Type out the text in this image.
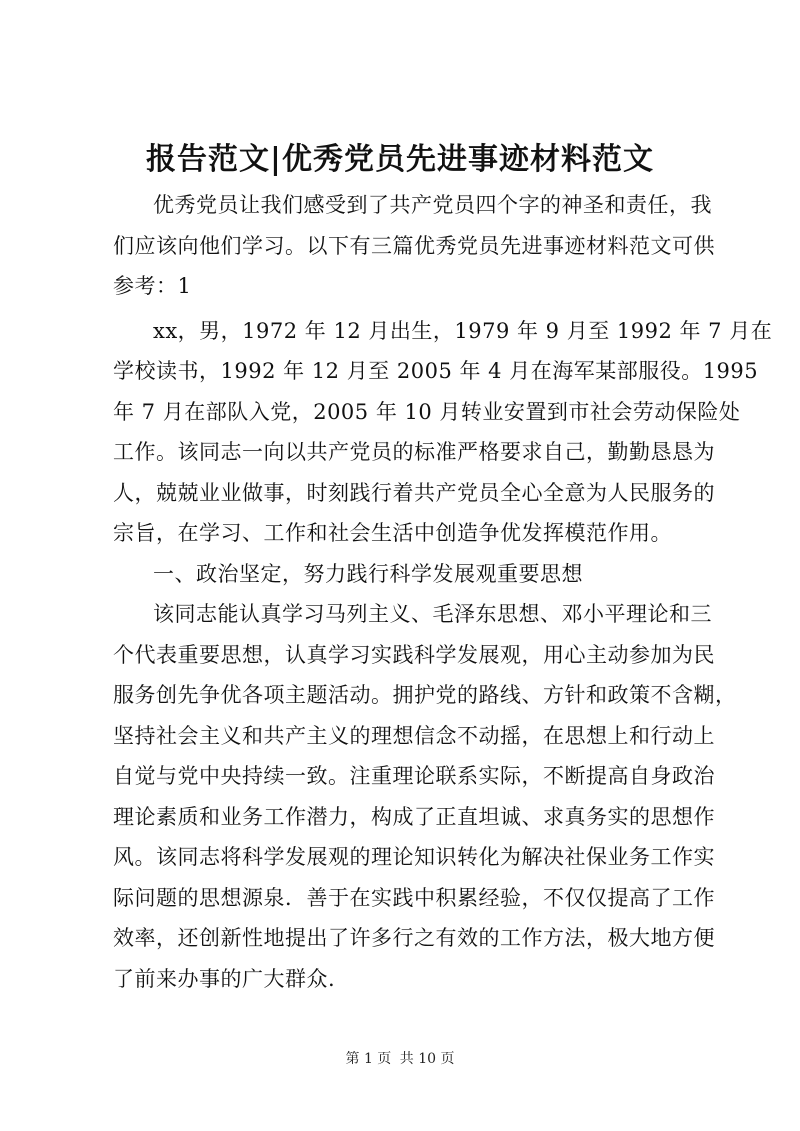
报告范文|优秀党员先进事迹材料范文
优秀党员让我们感受到了共产党员四个字的神圣和责任，我
们应该向他们学习。以下有三篇优秀党员先进事迹材料范文可供
参考：1
xx，男，1972 年 12 月出生，1979 年 9 月至 1992 年 7 月在
学校读书，1992 年 12 月至 2005 年 4 月在海军某部服役。1995
年 7 月在部队入党，2005 年 10 月转业安置到市社会劳动保险处
工作。该同志一向以共产党员的标准严格要求自己，勤勤恳恳为
人，兢兢业业做事，时刻践行着共产党员全心全意为人民服务的
宗旨，在学习、工作和社会生活中创造争优发挥模范作用。
一、政治坚定，努力践行科学发展观重要思想
该同志能认真学习马列主义、毛泽东思想、邓小平理论和三
个代表重要思想，认真学习实践科学发展观，用心主动参加为民
服务创先争优各项主题活动。拥护党的路线、方针和政策不含糊，
坚持社会主义和共产主义的理想信念不动摇，在思想上和行动上
自觉与党中央持续一致。注重理论联系实际，不断提高自身政治
理论素质和业务工作潜力，构成了正直坦诚、求真务实的思想作
风。该同志将科学发展观的理论知识转化为解决社保业务工作实
际问题的思想源泉．善于在实践中积累经验，不仅仅提高了工作
效率，还创新性地提出了许多行之有效的工作方法，极大地方便
了前来办事的广大群众.
第 1 页 共 10 页
